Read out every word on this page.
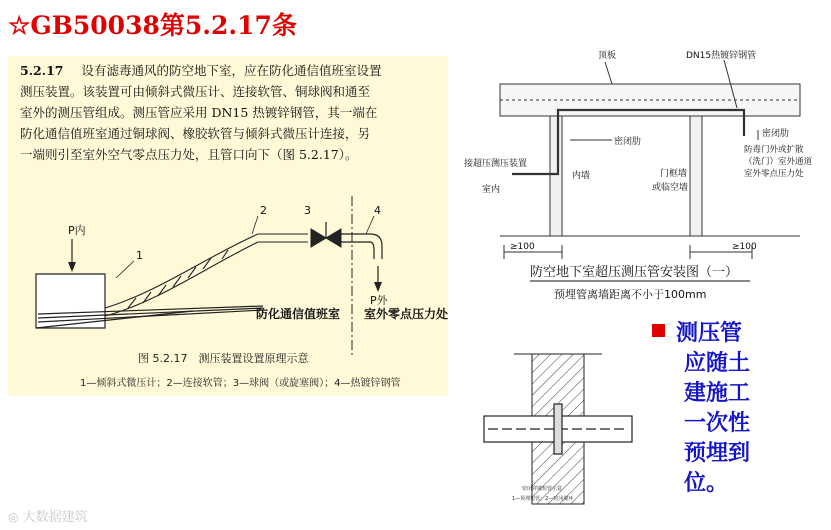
☆GB50038第5.2.17条
5.2.17 设有滤毒通风的防空地下室，应在防化通信值班室设置
测压装置。该装置可由倾斜式微压计、连接软管、铜球阀和通至
室外的测压管组成。测压管应采用 DN15 热镀锌钢管，其一端在
防化通信值班室通过铜球阀、橡胶软管与倾斜式微压计连接，另
一端则引至室外空气零点压力处，且管口向下（图 5.2.17）。
P内
1
2	3	4
P外
防化通信值班室 室外零点压力处
图 5.2.17　测压装置设置原理示意
1—倾斜式微压计；2—连接软管；3—球阀（或旋塞阀）；4—热镀锌钢管
顶板	DN15热镀锌钢管
密闭肋
密闭肋
接超压测压装置
室内
内墙	门框墙
或临空墙
防毒门外或扩散
（洗门）室外通道
室外零点压力处
≥100	≥100
防空地下室超压测压管安装图（一）
预埋管离墙距离不小于100mm
密闭穿墙短管示意
1—预埋短管；2—密闭翼环
测压管
应随土
建施工
一次性
预埋到
位。
◎ 大数据建筑
